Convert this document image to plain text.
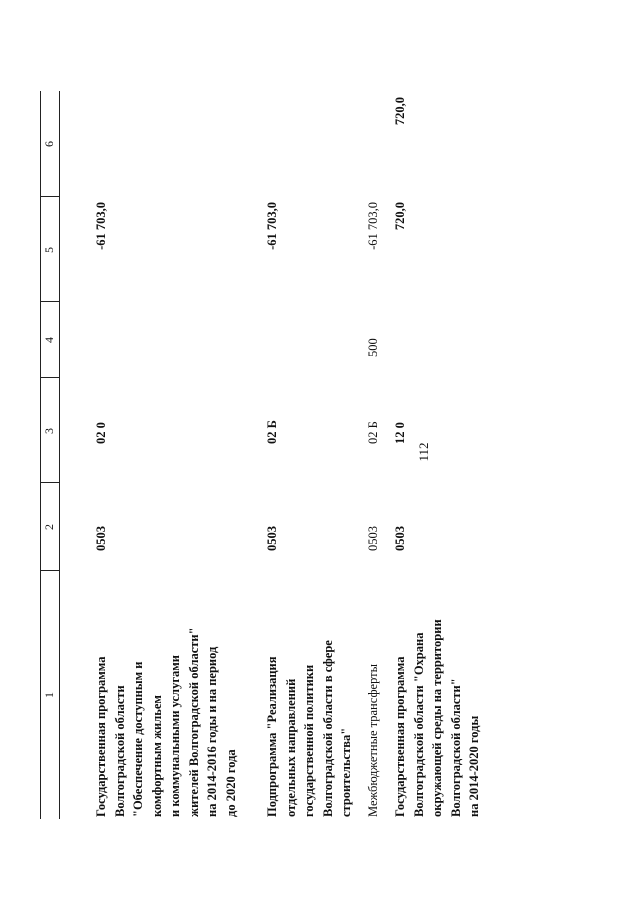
112
1
2
3
4
5
6
Государственная программа Волгоградской области "Обеспечение доступным и комфортным жильем и коммунальными услугами жителей Волгоградской области" на 2014-2016 годы и на период до 2020 года
0503
02 0
-61 703,0
Подпрограмма "Реализация отдельных направлений государственной политики Волгоградской области в сфере строительства"
0503
02 Б
-61 703,0
Межбюджетные трансферты
0503
02 Б
500
-61 703,0
Государственная программа Волгоградской области "Охрана окружающей среды на территории Волгоградской области" на 2014-2020 годы
0503
12 0
720,0
720,0
